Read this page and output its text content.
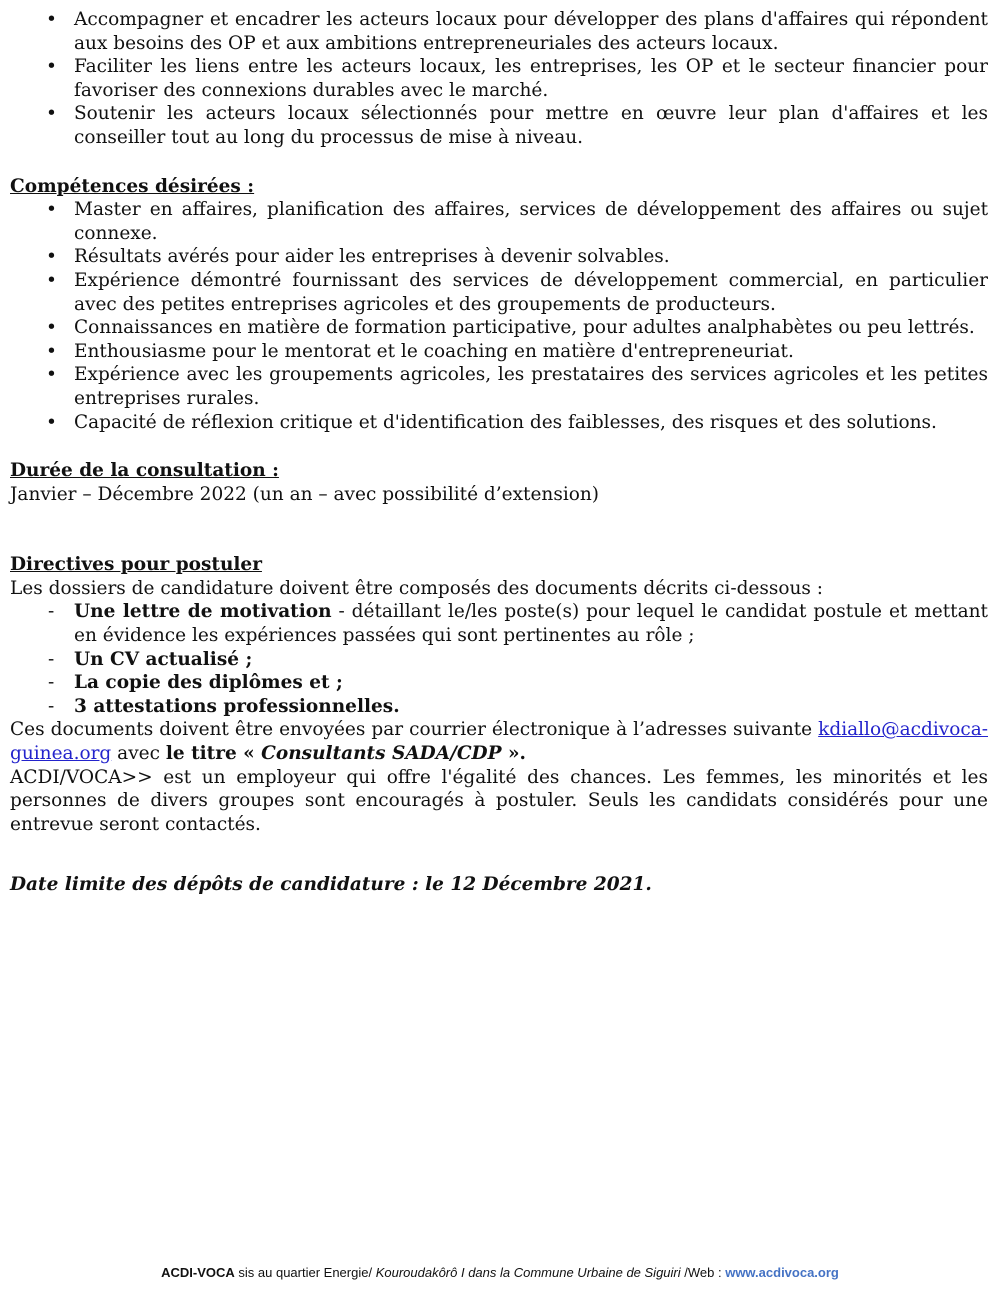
• Accompagner et encadrer les acteurs locaux pour développer des plans d'affaires qui répondent aux besoins des OP et aux ambitions entrepreneuriales des acteurs locaux.
• Faciliter les liens entre les acteurs locaux, les entreprises, les OP et le secteur financier pour favoriser des connexions durables avec le marché.
• Soutenir les acteurs locaux sélectionnés pour mettre en œuvre leur plan d'affaires et les conseiller tout au long du processus de mise à niveau.

Compétences désirées :

• Master en affaires, planification des affaires, services de développement des affaires ou sujet connexe.
• Résultats avérés pour aider les entreprises à devenir solvables.
• Expérience démontré fournissant des services de développement commercial, en particulier avec des petites entreprises agricoles et des groupements de producteurs.
• Connaissances en matière de formation participative, pour adultes analphabètes ou peu lettrés.
• Enthousiasme pour le mentorat et le coaching en matière d'entrepreneuriat.
• Expérience avec les groupements agricoles, les prestataires des services agricoles et les petites entreprises rurales.
• Capacité de réflexion critique et d'identification des faiblesses, des risques et des solutions.

Durée de la consultation :

Janvier – Décembre 2022 (un an – avec possibilité d’extension)

Directives pour postuler

Les dossiers de candidature doivent être composés des documents décrits ci-dessous :

-	Une lettre de motivation - détaillant le/les poste(s) pour lequel le candidat postule et mettant en évidence les expériences passées qui sont pertinentes au rôle ;
-	Un CV actualisé ;
-	La copie des diplômes et ;
-	3 attestations professionnelles.

Ces documents doivent être envoyées par courrier électronique à l’adresses suivante kdiallo@acdivoca-guinea.org avec le titre « Consultants SADA/CDP ».

ACDI/VOCA>> est un employeur qui offre l'égalité des chances. Les femmes, les minorités et les personnes de divers groupes sont encouragés à postuler. Seuls les candidats considérés pour une entrevue seront contactés.

Date limite des dépôts de candidature : le 12 Décembre 2021.

ACDI-VOCA sis au quartier Energie/ Kouroudakôrô I dans la Commune Urbaine de Siguiri /Web : www.acdivoca.org
